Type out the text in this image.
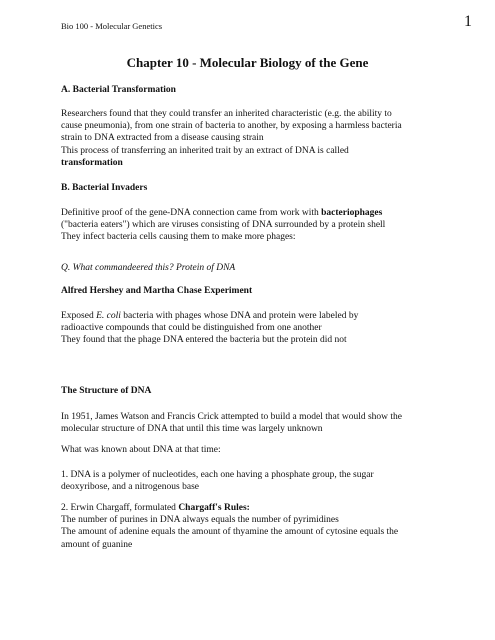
Bio 100 - Molecular Genetics	1
Chapter 10 - Molecular Biology of the Gene
A. Bacterial Transformation
Researchers found that they could transfer an inherited characteristic (e.g. the ability to
cause pneumonia), from one strain of bacteria to another, by exposing a harmless bacteria
strain to DNA extracted from a disease causing strain
This process of transferring an inherited trait by an extract of DNA is called
transformation
B. Bacterial Invaders
Definitive proof of the gene-DNA connection came from work with bacteriophages
("bacteria eaters") which are viruses consisting of DNA surrounded by a protein shell
They infect bacteria cells causing them to make more phages:
Q. What commandeered this? Protein of DNA
Alfred Hershey and Martha Chase Experiment
Exposed E. coli bacteria with phages whose DNA and protein were labeled by
radioactive compounds that could be distinguished from one another
They found that the phage DNA entered the bacteria but the protein did not
The Structure of DNA
In 1951, James Watson and Francis Crick attempted to build a model that would show the
molecular structure of DNA that until this time was largely unknown
What was known about DNA at that time:
1. DNA is a polymer of nucleotides, each one having a phosphate group, the sugar
deoxyribose, and a nitrogenous base
2. Erwin Chargaff, formulated Chargaff's Rules:
The number of purines in DNA always equals the number of pyrimidines
The amount of adenine equals the amount of thyamine the amount of cytosine equals the
amount of guanine
